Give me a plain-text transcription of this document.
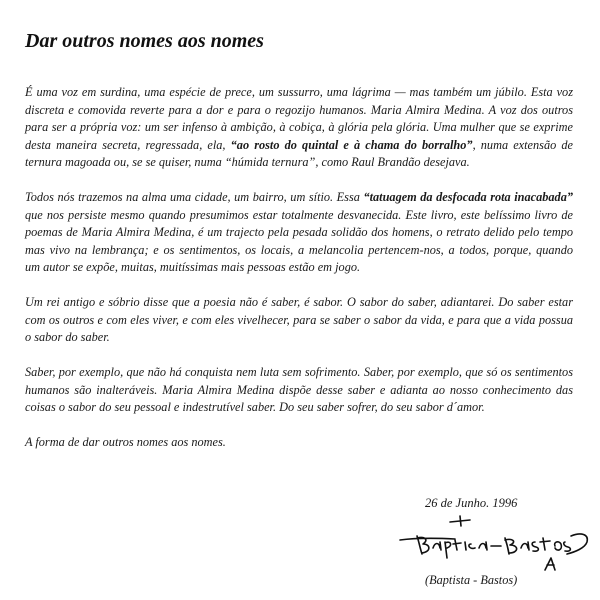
Dar outros nomes aos nomes
É uma voz em surdina, uma espécie de prece, um sussurro, uma lágrima — mas também um júbilo. Esta voz
discreta e comovida reverte para a dor e para o regozijo humanos. Maria Almira Medina. A voz dos outros
para ser a própria voz: um ser infenso à ambição, à cobiça, à glória pela glória. Uma mulher que se exprime
desta maneira secreta, regressada, ela, “ao rosto do quintal e à chama do borralho”, numa extensão de
ternura magoada ou, se se quiser, numa “húmida ternura”, como Raul Brandão desejava.
Todos nós trazemos na alma uma cidade, um bairro, um sítio. Essa “tatuagem da desfocada rota inacabada”
que nos persiste mesmo quando presumimos estar totalmente desvanecida. Este livro, este belíssimo livro de
poemas de Maria Almira Medina, é um trajecto pela pesada solidão dos homens, o retrato delido pelo tempo
mas vivo na lembrança; e os sentimentos, os locais, a melancolia pertencem-nos, a todos, porque, quando
um autor se expõe, muitas, muitíssimas mais pessoas estão em jogo.
Um rei antigo e sóbrio disse que a poesia não é saber, é sabor. O sabor do saber, adiantarei. Do saber estar
com os outros e com eles viver, e com eles vivelhecer, para se saber o sabor da vida, e para que a vida possua
o sabor do saber.
Saber, por exemplo, que não há conquista nem luta sem sofrimento. Saber, por exemplo, que só os sentimentos
humanos são inalteráveis. Maria Almira Medina dispõe desse saber e adianta ao nosso conhecimento das
coisas o sabor do seu pessoal e indestrutível saber. Do seu saber sofrer, do seu sabor d´amor.
A forma de dar outros nomes aos nomes.
26 de Junho. 1996
(Baptista - Bastos)
